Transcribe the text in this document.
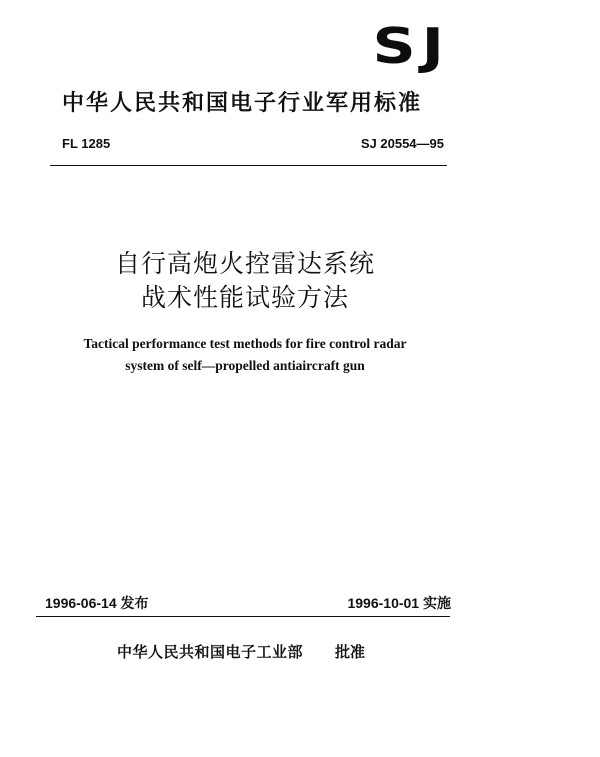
SJ
中华人民共和国电子行业军用标准
FL 1285	SJ 20554—95
自行高炮火控雷达系统
战术性能试验方法
Tactical performance test methods for fire control radar
system of self—propelled antiaircraft gun
1996-06-14 发布	1996-10-01 实施
中华人民共和国电子工业部 批准
